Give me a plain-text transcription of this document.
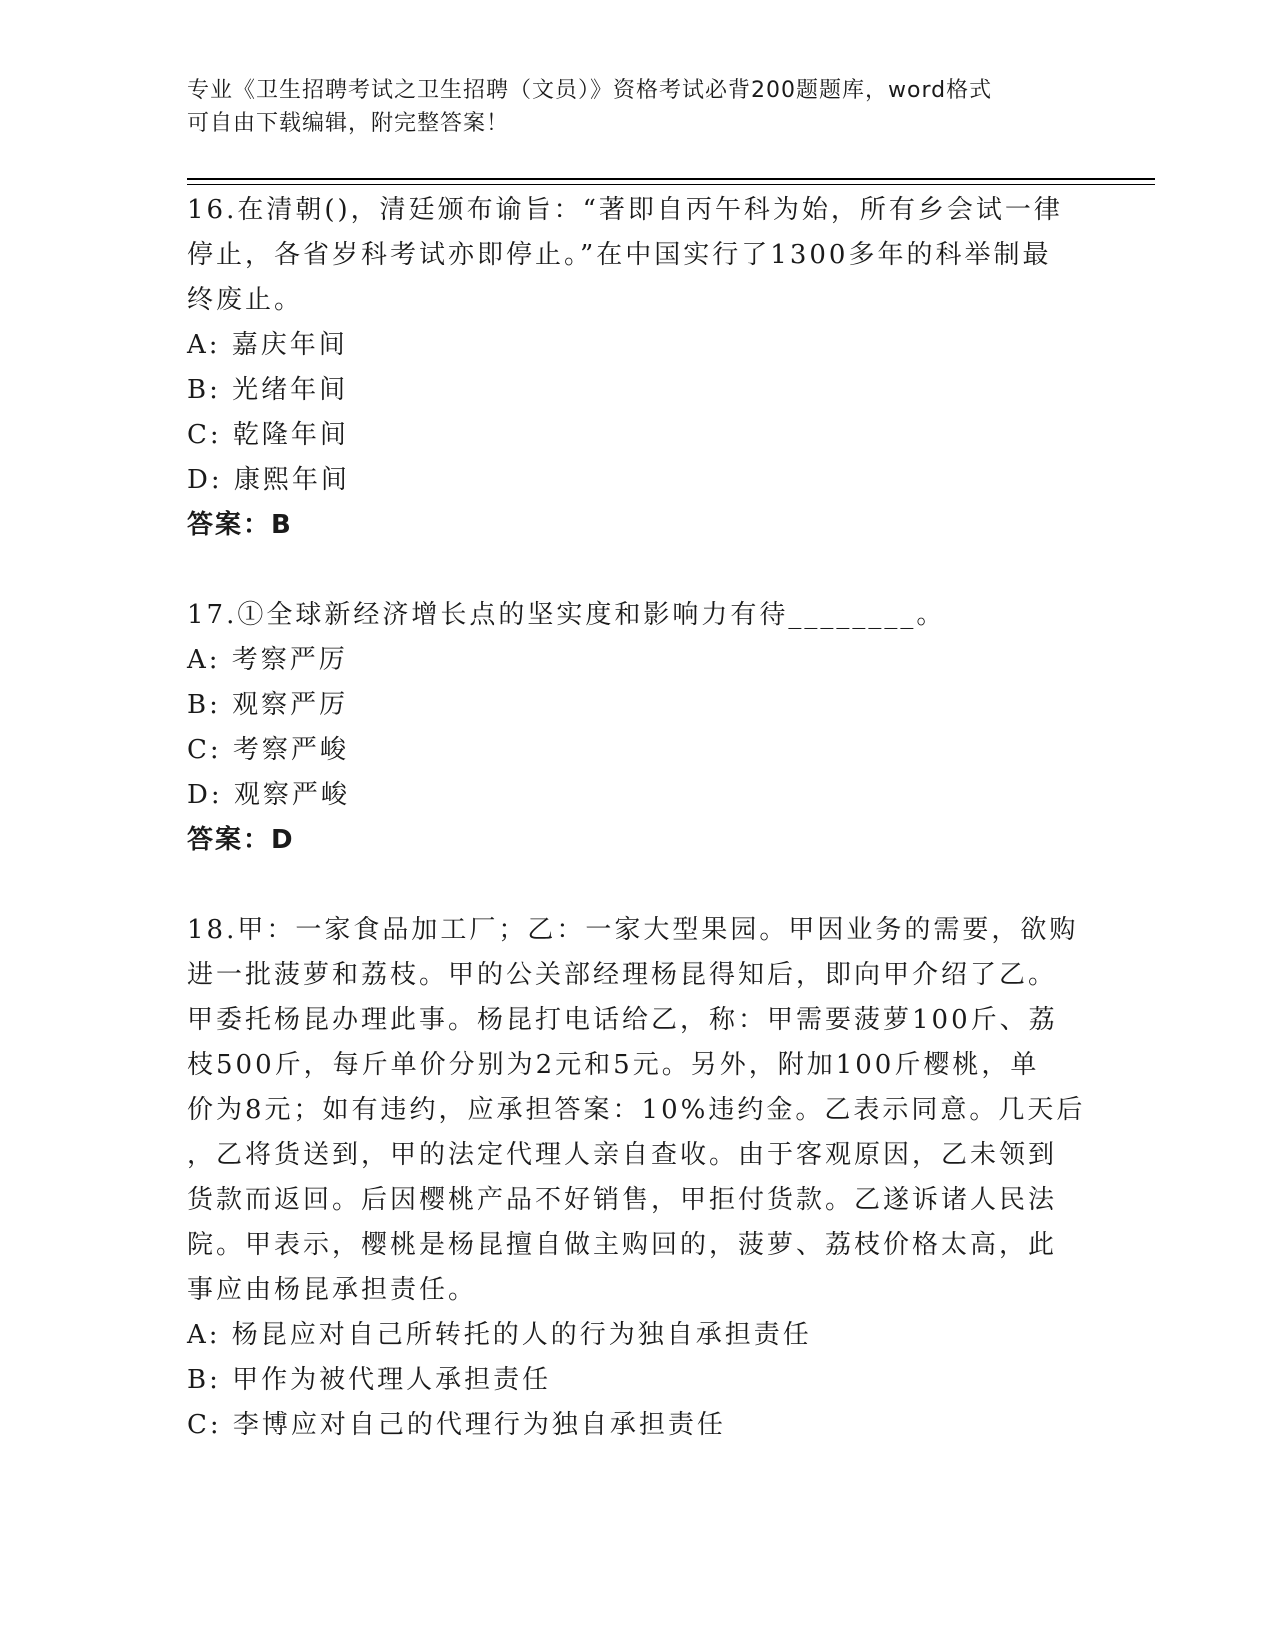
专业《卫生招聘考试之卫生招聘（文员）》资格考试必背200题题库，word格式
可自由下载编辑，附完整答案！
16.在清朝()，清廷颁布谕旨：“著即自丙午科为始，所有乡会试一律
停止，各省岁科考试亦即停止。”在中国实行了1300多年的科举制最
终废止。
A: 嘉庆年间
B: 光绪年间
C: 乾隆年间
D: 康熙年间
答案：B
17.①全球新经济增长点的坚实度和影响力有待________。
A: 考察严厉
B: 观察严厉
C: 考察严峻
D: 观察严峻
答案：D
18.甲：一家食品加工厂；乙：一家大型果园。甲因业务的需要，欲购
进一批菠萝和荔枝。甲的公关部经理杨昆得知后，即向甲介绍了乙。
甲委托杨昆办理此事。杨昆打电话给乙，称：甲需要菠萝100斤、荔
枝500斤，每斤单价分别为2元和5元。另外，附加100斤樱桃，单
价为8元；如有违约，应承担答案：10%违约金。乙表示同意。几天后
，乙将货送到，甲的法定代理人亲自查收。由于客观原因，乙未领到
货款而返回。后因樱桃产品不好销售，甲拒付货款。乙遂诉诸人民法
院。甲表示，樱桃是杨昆擅自做主购回的，菠萝、荔枝价格太高，此
事应由杨昆承担责任。
A: 杨昆应对自己所转托的人的行为独自承担责任
B: 甲作为被代理人承担责任
C: 李博应对自己的代理行为独自承担责任
